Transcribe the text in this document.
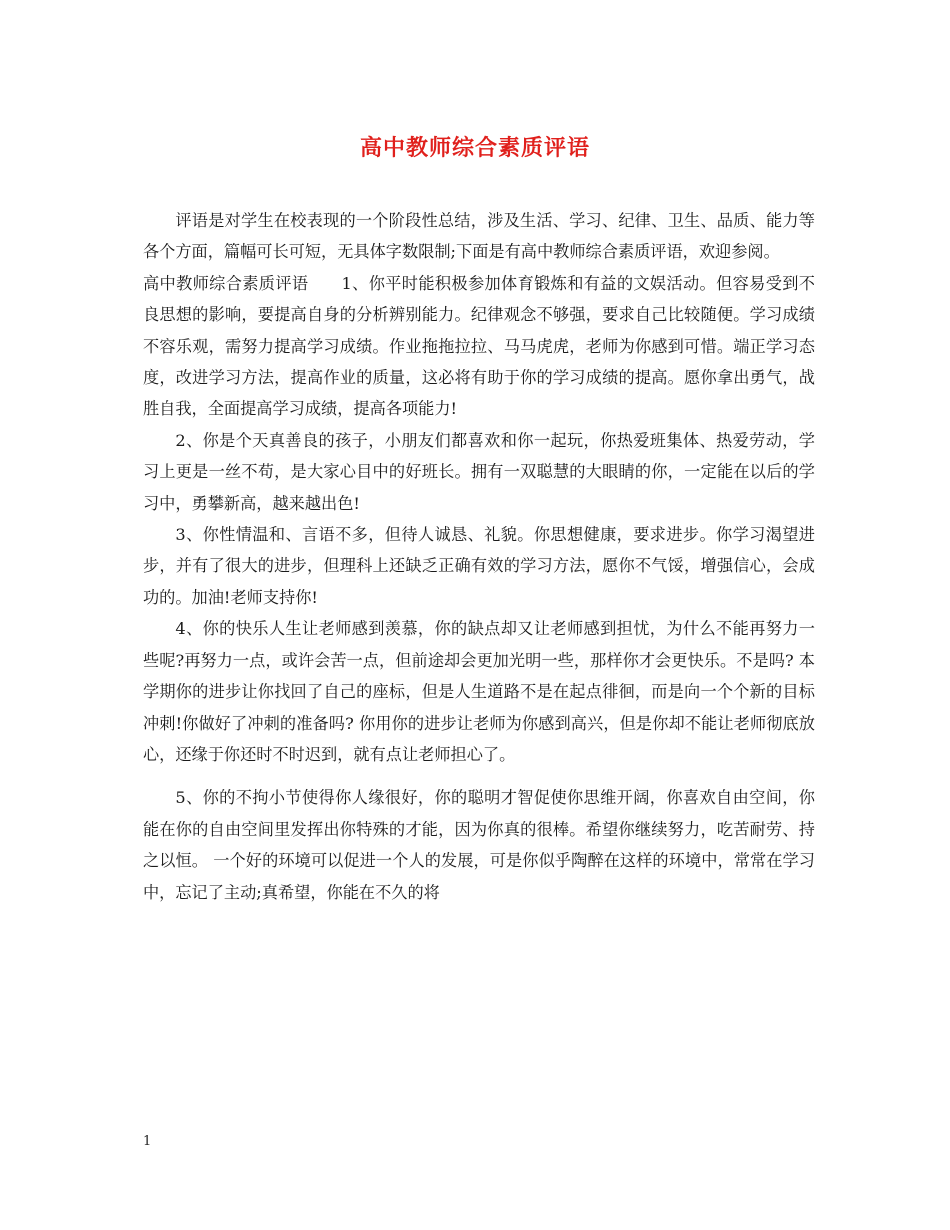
高中教师综合素质评语

评语是对学生在校表现的一个阶段性总结，涉及生活、学习、纪律、卫生、品质、能力等各个方面，篇幅可长可短，无具体字数限制;下面是有高中教师综合素质评语，欢迎参阅。

高中教师综合素质评语　　1、你平时能积极参加体育锻炼和有益的文娱活动。但容易受到不良思想的影响，要提高自身的分析辨别能力。纪律观念不够强，要求自己比较随便。学习成绩不容乐观，需努力提高学习成绩。作业拖拖拉拉、马马虎虎，老师为你感到可惜。端正学习态度，改进学习方法，提高作业的质量，这必将有助于你的学习成绩的提高。愿你拿出勇气，战胜自我，全面提高学习成绩，提高各项能力!

2、你是个天真善良的孩子，小朋友们都喜欢和你一起玩，你热爱班集体、热爱劳动，学习上更是一丝不苟，是大家心目中的好班长。拥有一双聪慧的大眼睛的你，一定能在以后的学习中，勇攀新高，越来越出色!

3、你性情温和、言语不多，但待人诚恳、礼貌。你思想健康，要求进步。你学习渴望进步，并有了很大的进步，但理科上还缺乏正确有效的学习方法，愿你不气馁，增强信心，会成功的。加油!老师支持你!

4、你的快乐人生让老师感到羡慕，你的缺点却又让老师感到担忧，为什么不能再努力一些呢?再努力一点，或许会苦一点，但前途却会更加光明一些，那样你才会更快乐。不是吗? 本学期你的进步让你找回了自己的座标，但是人生道路不是在起点徘徊，而是向一个个新的目标冲刺!你做好了冲刺的准备吗? 你用你的进步让老师为你感到高兴，但是你却不能让老师彻底放心，还缘于你还时不时迟到，就有点让老师担心了。

5、你的不拘小节使得你人缘很好，你的聪明才智促使你思维开阔，你喜欢自由空间，你能在你的自由空间里发挥出你特殊的才能，因为你真的很棒。希望你继续努力，吃苦耐劳、持之以恒。 一个好的环境可以促进一个人的发展，可是你似乎陶醉在这样的环境中，常常在学习中，忘记了主动;真希望，你能在不久的将

1
